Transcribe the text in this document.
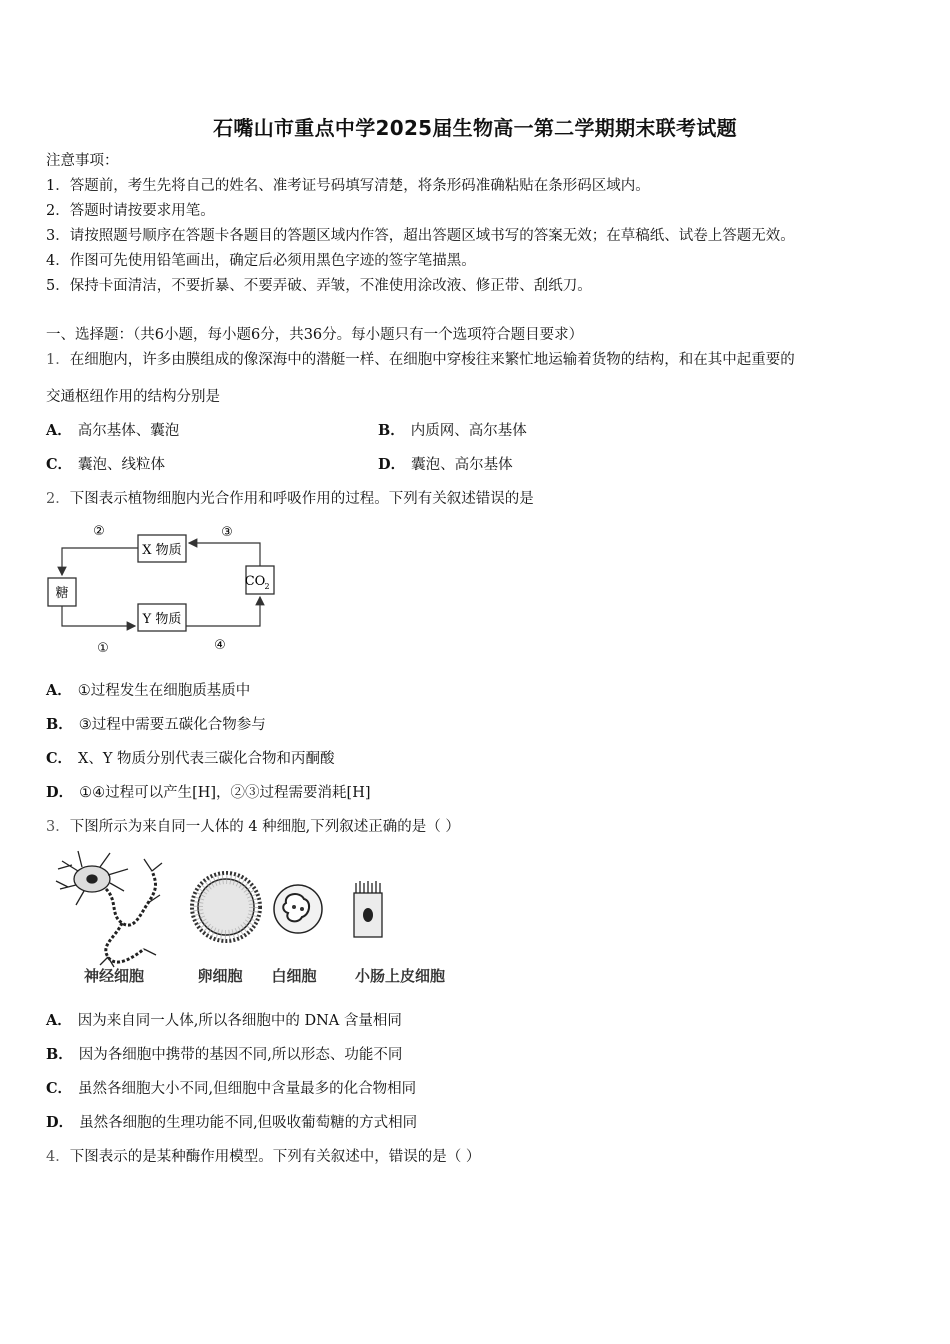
石嘴山市重点中学2025届生物高一第二学期期末联考试题
注意事项：
1．答题前，考生先将自己的姓名、准考证号码填写清楚，将条形码准确粘贴在条形码区域内。
2．答题时请按要求用笔。
3．请按照题号顺序在答题卡各题目的答题区域内作答，超出答题区域书写的答案无效；在草稿纸、试卷上答题无效。
4．作图可先使用铅笔画出，确定后必须用黑色字迹的签字笔描黑。
5．保持卡面清洁，不要折暴、不要弄破、弄皱，不准使用涂改液、修正带、刮纸刀。
一、选择题：（共6小题，每小题6分，共36分。每小题只有一个选项符合题目要求）
1．在细胞内，许多由膜组成的像深海中的潜艇一样、在细胞中穿梭往来繁忙地运输着货物的结构，和在其中起重要的
交通枢纽作用的结构分别是
A． 高尔基体、囊泡	B． 内质网、高尔基体
C． 囊泡、线粒体	D． 囊泡、高尔基体
2．下图表示植物细胞内光合作用和呼吸作用的过程。下列有关叙述错误的是
X 物质
糖
CO 2
Y 物质
②	③
①	④
A． ①过程发生在细胞质基质中
B． ③过程中需要五碳化合物参与
C． X、Y 物质分别代表三碳化合物和丙酮酸
D． ①④过程可以产生[H]，②③过程需要消耗[H]
3．下图所示为来自同一人体的 4 种细胞,下列叙述正确的是（ ）
神经细胞	卵细胞 白细胞	小肠上皮细胞
A． 因为来自同一人体,所以各细胞中的 DNA 含量相同
B． 因为各细胞中携带的基因不同,所以形态、功能不同
C． 虽然各细胞大小不同,但细胞中含量最多的化合物相同
D． 虽然各细胞的生理功能不同,但吸收葡萄糖的方式相同
4．下图表示的是某种酶作用模型。下列有关叙述中，错误的是（ ）
